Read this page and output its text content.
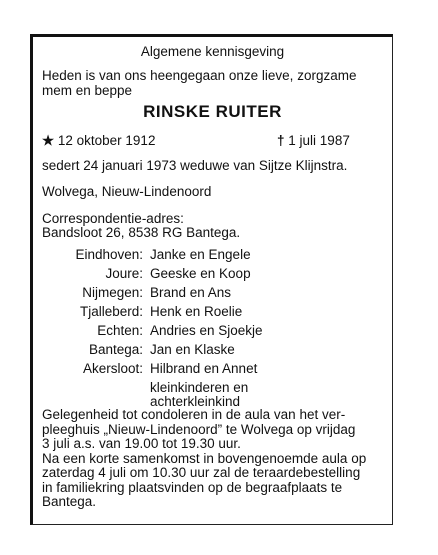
Algemene kennisgeving
Heden is van ons heengegaan onze lieve, zorgzame
mem en beppe
RINSKE RUITER
★ 12 oktober 1912	† 1 juli 1987
sedert 24 januari 1973 weduwe van Sijtze Klijnstra.
Wolvega, Nieuw-Lindenoord
Correspondentie-adres:
Bandsloot 26, 8538 RG Bantega.
Eindhoven: Janke en Engele
Joure: Geeske en Koop
Nijmegen: Brand en Ans
Tjalleberd: Henk en Roelie
Echten: Andries en Sjoekje
Bantega: Jan en Klaske
Akersloot: Hilbrand en Annet
kleinkinderen en
achterkleinkind

Gelegenheid tot condoleren in de aula van het ver-

pleeghuis „Nieuw-Lindenoord” te Wolvega op vrijdag

3 juli a.s. van 19.00 tot 19.30 uur.

Na een korte samenkomst in bovengenoemde aula op

zaterdag 4 juli om 10.30 uur zal de teraardebestelling

in familiekring plaatsvinden op de begraafplaats te

Bantega.
